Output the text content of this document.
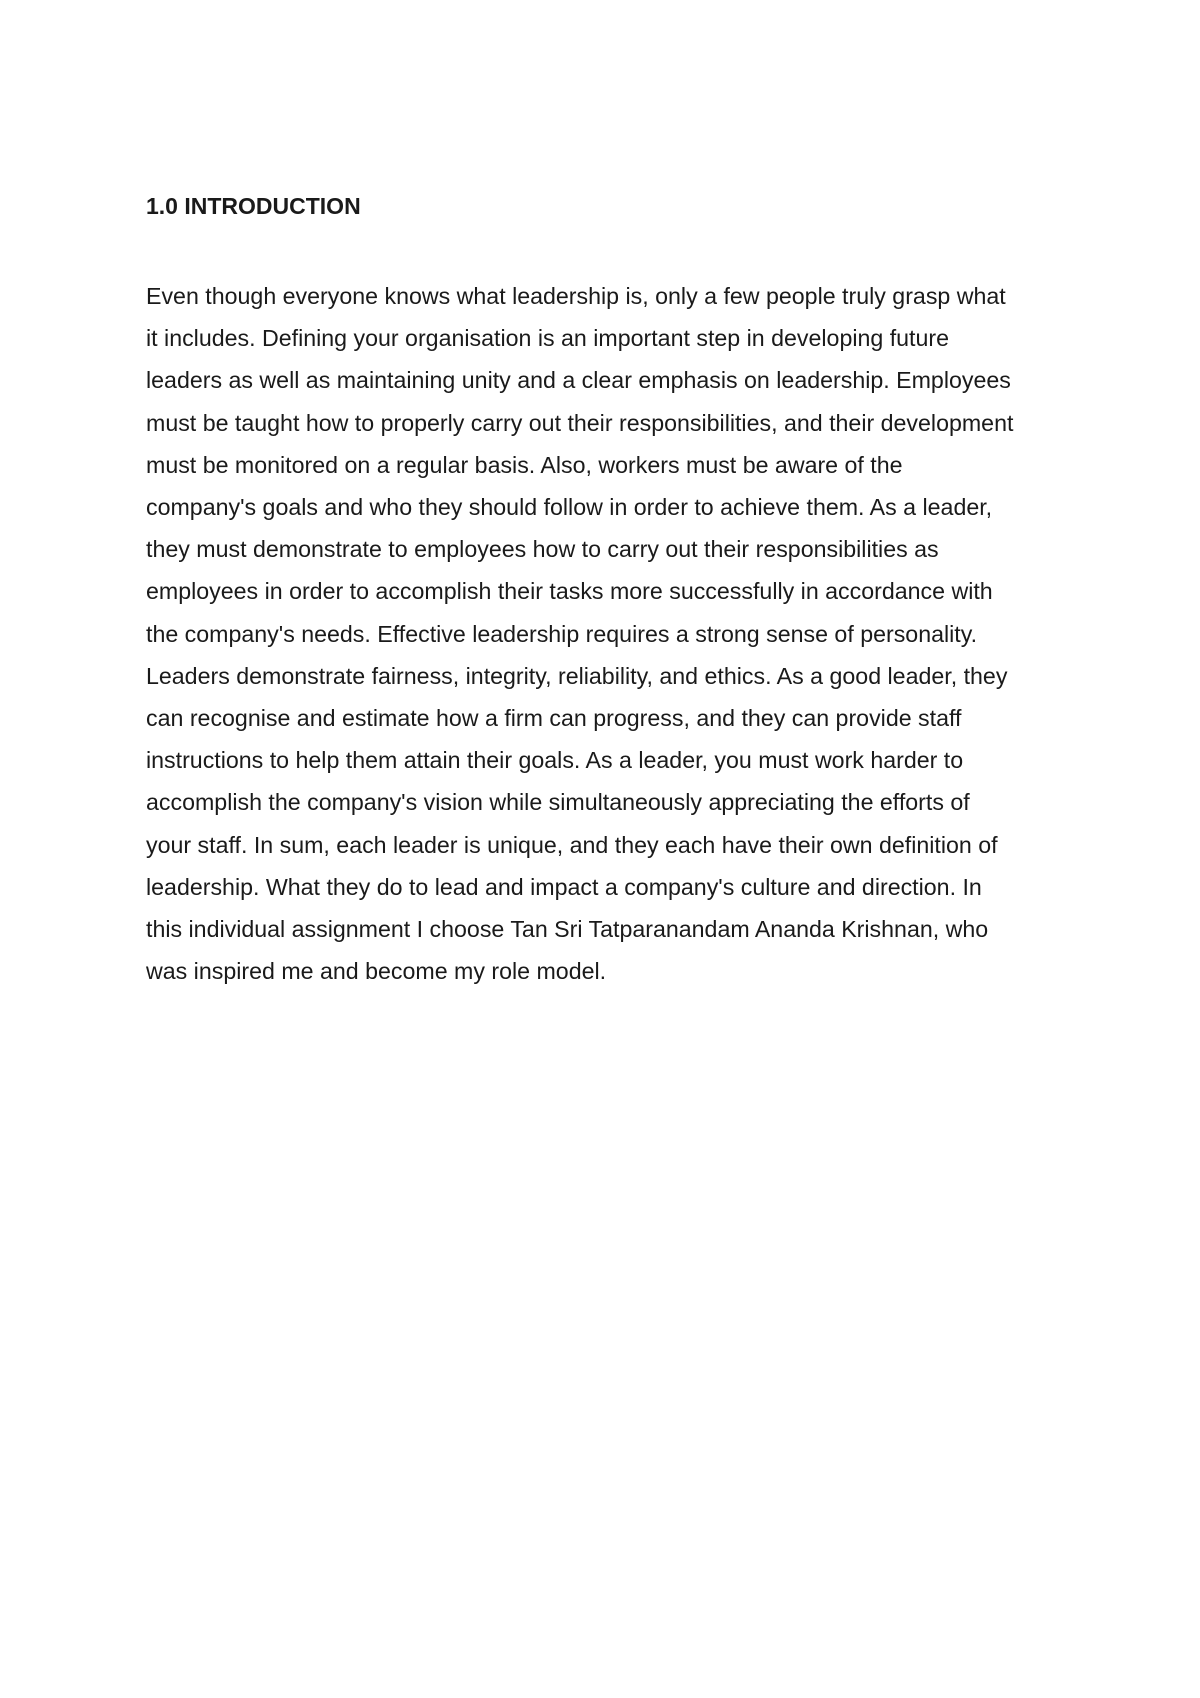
1.0 INTRODUCTION
Even though everyone knows what leadership is, only a few people truly grasp what
it includes. Defining your organisation is an important step in developing future
leaders as well as maintaining unity and a clear emphasis on leadership. Employees
must be taught how to properly carry out their responsibilities, and their development
must be monitored on a regular basis. Also, workers must be aware of the
company's goals and who they should follow in order to achieve them. As a leader,
they must demonstrate to employees how to carry out their responsibilities as
employees in order to accomplish their tasks more successfully in accordance with
the company's needs. Effective leadership requires a strong sense of personality.
Leaders demonstrate fairness, integrity, reliability, and ethics. As a good leader, they
can recognise and estimate how a firm can progress, and they can provide staff
instructions to help them attain their goals. As a leader, you must work harder to
accomplish the company's vision while simultaneously appreciating the efforts of
your staff. In sum, each leader is unique, and they each have their own definition of
leadership. What they do to lead and impact a company's culture and direction. In
this individual assignment I choose Tan Sri Tatparanandam Ananda Krishnan, who
was inspired me and become my role model.
